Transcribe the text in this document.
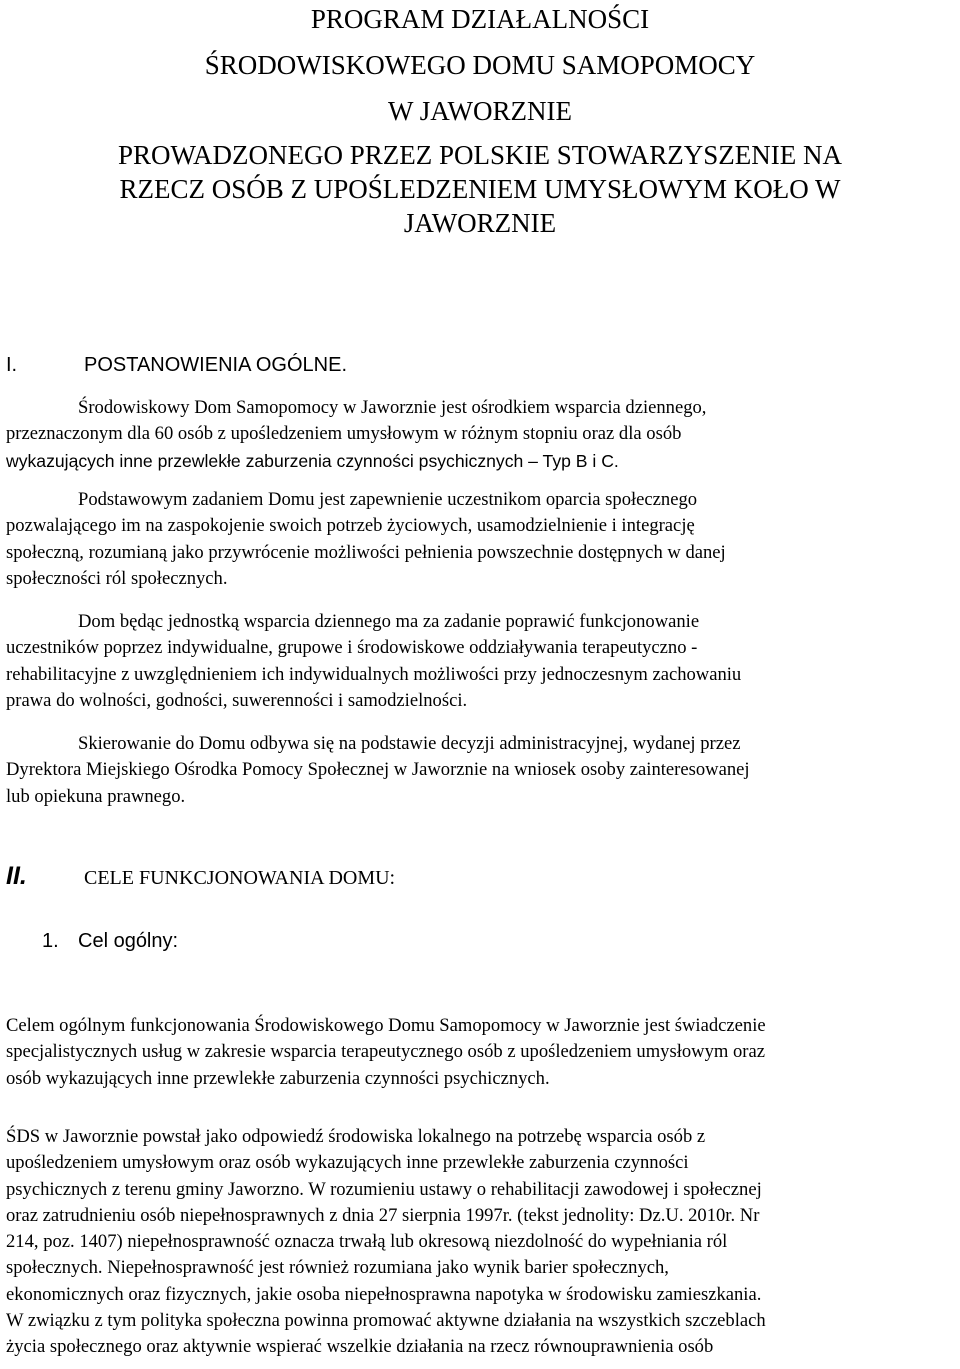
PROGRAM DZIAŁALNOŚCI
ŚRODOWISKOWEGO DOMU SAMOPOMOCY
W JAWORZNIE
PROWADZONEGO PRZEZ POLSKIE STOWARZYSZENIE NA
RZECZ OSÓB Z UPOŚLEDZENIEM UMYSŁOWYM KOŁO W
JAWORZNIE
I.	POSTANOWIENIA OGÓLNE.
Środowiskowy Dom Samopomocy w Jaworznie jest ośrodkiem wsparcia dziennego,
przeznaczonym dla 60 osób z upośledzeniem umysłowym w różnym stopniu oraz dla osób
wykazujących inne przewlekłe zaburzenia czynności psychicznych – Typ B i C.
Podstawowym zadaniem Domu jest zapewnienie uczestnikom oparcia społecznego
pozwalającego im na zaspokojenie swoich potrzeb życiowych, usamodzielnienie i integrację
społeczną, rozumianą jako przywrócenie możliwości pełnienia powszechnie dostępnych w danej
społeczności ról społecznych.
Dom będąc jednostką wsparcia dziennego ma za zadanie poprawić funkcjonowanie
uczestników poprzez indywidualne, grupowe i środowiskowe oddziaływania terapeutyczno -
rehabilitacyjne z uwzględnieniem ich indywidualnych możliwości przy jednoczesnym zachowaniu
prawa do wolności, godności, suwerenności i samodzielności.
Skierowanie do Domu odbywa się na podstawie decyzji administracyjnej, wydanej przez
Dyrektora Miejskiego Ośrodka Pomocy Społecznej w Jaworznie na wniosek osoby zainteresowanej
lub opiekuna prawnego.
II.	CELE FUNKCJONOWANIA DOMU:
1. Cel ogólny:
Celem ogólnym funkcjonowania Środowiskowego Domu Samopomocy w Jaworznie jest świadczenie
specjalistycznych usług w zakresie wsparcia terapeutycznego osób z upośledzeniem umysłowym oraz
osób wykazujących inne przewlekłe zaburzenia czynności psychicznych.
ŚDS w Jaworznie powstał jako odpowiedź środowiska lokalnego na potrzebę wsparcia osób z
upośledzeniem umysłowym oraz osób wykazujących inne przewlekłe zaburzenia czynności
psychicznych z terenu gminy Jaworzno. W rozumieniu ustawy o rehabilitacji zawodowej i społecznej
oraz zatrudnieniu osób niepełnosprawnych z dnia 27 sierpnia 1997r. (tekst jednolity: Dz.U. 2010r. Nr
214, poz. 1407) niepełnosprawność oznacza trwałą lub okresową niezdolność do wypełniania ról
społecznych. Niepełnosprawność jest również rozumiana jako wynik barier społecznych,
ekonomicznych oraz fizycznych, jakie osoba niepełnosprawna napotyka w środowisku zamieszkania.
W związku z tym polityka społeczna powinna promować aktywne działania na wszystkich szczeblach
życia społecznego oraz aktywnie wspierać wszelkie działania na rzecz równouprawnienia osób
